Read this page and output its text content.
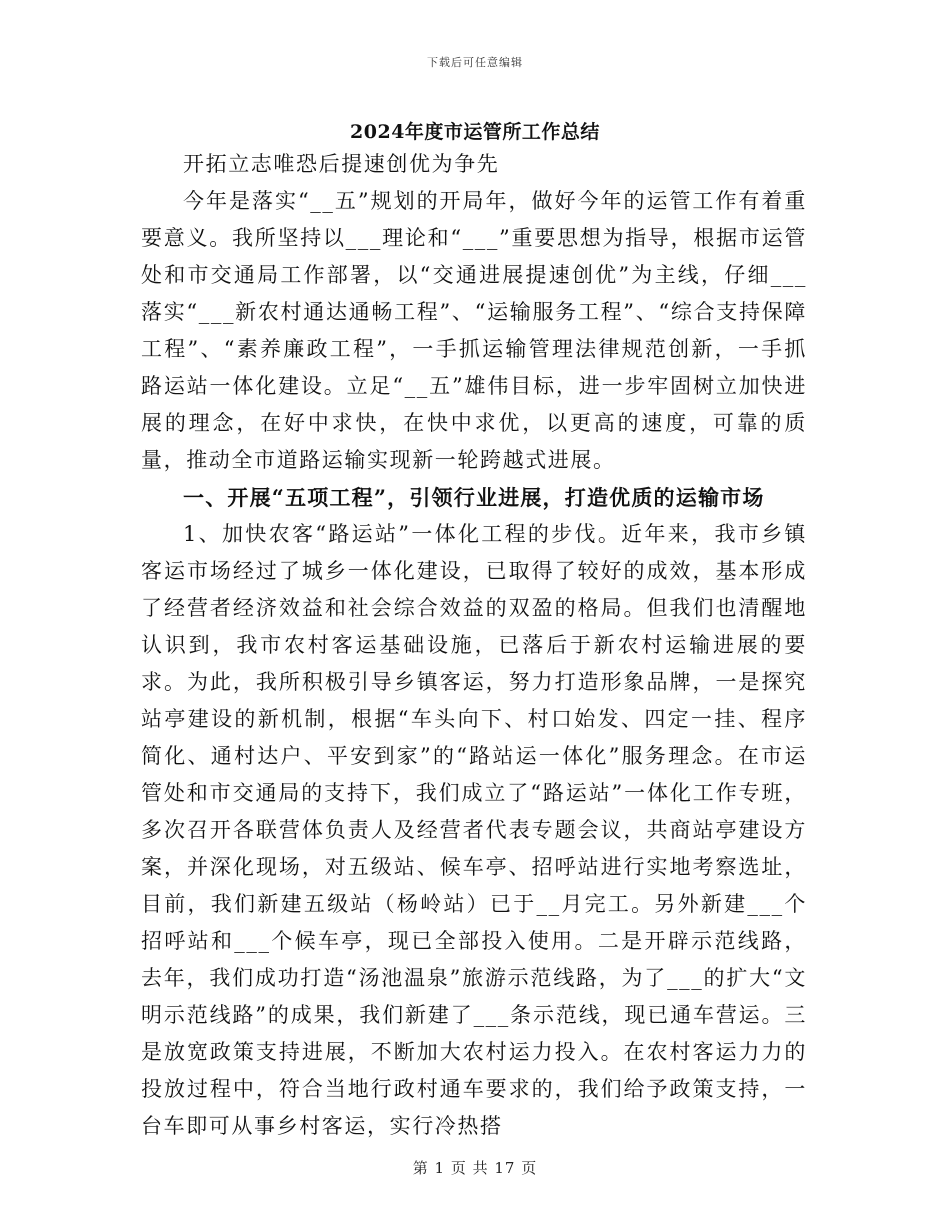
下载后可任意编辑
2024年度市运管所工作总结

开拓立志唯恐后提速创优为争先

今年是落实“__五”规划的开局年，做好今年的运管工作有着重要意义。我所坚持以___理论和“___”重要思想为指导，根据市运管处和市交通局工作部署，以“交通进展提速创优”为主线，仔细___落实“___新农村通达通畅工程”、“运输服务工程”、“综合支持保障工程”、“素养廉政工程”，一手抓运输管理法律规范创新，一手抓路运站一体化建设。立足“__五”雄伟目标，进一步牢固树立加快进展的理念，在好中求快，在快中求优，以更高的速度，可靠的质量，推动全市道路运输实现新一轮跨越式进展。

一、开展“五项工程”，引领行业进展，打造优质的运输市场

1、加快农客“路运站”一体化工程的步伐。近年来，我市乡镇客运市场经过了城乡一体化建设，已取得了较好的成效，基本形成了经营者经济效益和社会综合效益的双盈的格局。但我们也清醒地认识到，我市农村客运基础设施，已落后于新农村运输进展的要求。为此，我所积极引导乡镇客运，努力打造形象品牌，一是探究站亭建设的新机制，根据“车头向下、村口始发、四定一挂、程序简化、通村达户、平安到家”的“路站运一体化”服务理念。在市运管处和市交通局的支持下，我们成立了“路运站”一体化工作专班，多次召开各联营体负责人及经营者代表专题会议，共商站亭建设方案，并深化现场，对五级站、候车亭、招呼站进行实地考察选址，目前，我们新建五级站（杨岭站）已于__月完工。另外新建___个招呼站和___个候车亭，现已全部投入使用。二是开辟示范线路，去年，我们成功打造“汤池温泉”旅游示范线路，为了___的扩大“文明示范线路”的成果，我们新建了___条示范线，现已通车营运。三是放宽政策支持进展，不断加大农村运力投入。在农村客运力力的投放过程中，符合当地行政村通车要求的，我们给予政策支持，一台车即可从事乡村客运，实行冷热搭

第 1 页 共 17 页
